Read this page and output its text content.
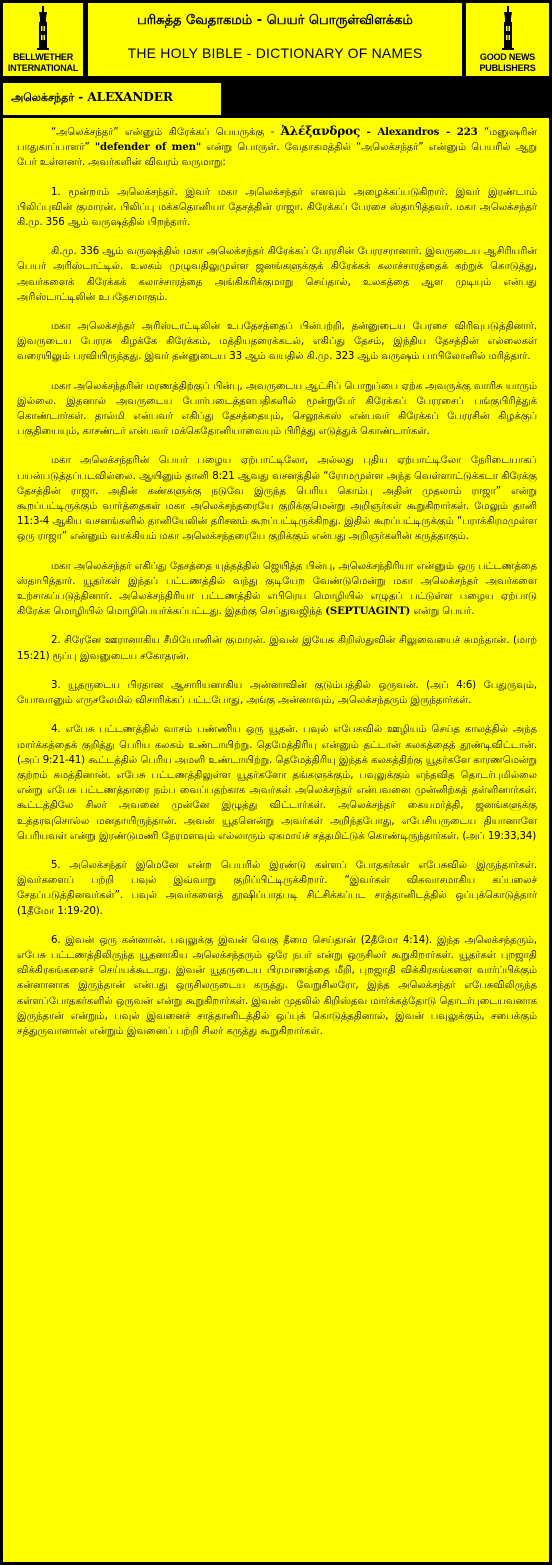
BELLWETHER INTERNATIONAL
பரிசுத்த வேதாகமம் - பெயர் பொருள்விளக்கம்
THE HOLY BIBLE - DICTIONARY OF NAMES	GOOD NEWS PUBLISHERS
அலெக்சந்தர் - ALEXANDER

“அலெக்சந்தர்” என்னும் கிரேக்கப் பெயருக்கு - Ἀλέξανδρος - Alexandros - 223 “மனுஷரின் பாதுகாப்பாளர்” "defender of men" என்று பொருள். வேதாகமத்தில் “அலெக்சந்தர்” என்னும் பெயரில் ஆறு பேர் உள்ளனர். அவர்களின் விவரம் வருமாறு:

1. மூன்றாம் அலெக்சந்தர். இவர் மகா அலெக்சந்தர் எனவும் அழைக்கப்படுகிறார். இவர் இரண்டாம் பிலிப்புவின் குமாரன். பிலிப்பு மக்கதொனியா தேசத்தின் ராஜா. கிரேக்கப் பேரசை ஸ்தாபித்தவர். மகா அலெக்சந்தர் கி.மு. 356 ஆம் வருஷத்தில் பிறந்தார்.

கி.மு. 336 ஆம் வருஷத்தில் மகா அலெக்சந்தர் கிரேக்கப் பேரரசின் பேரரசரானார். இவருடைய ஆசிரியரின் பெயர் அரிஸ்டாட்டில். உலகம் முழுவதிலுமுள்ள ஜனங்களுக்குக் கிரேக்கக் கலாச்சாரத்தைக் கற்றுக் கொடுத்து, அவர்களைக் கிரேக்கக் கலாச்சாரத்தை அங்கிகரிக்குமாறு செய்தால், உலகத்தை ஆள முடியும் என்பது அரிஸ்டாட்டிலின் உபதேசமாகும்.

மகா அலெக்சந்தர் அரிஸ்டாட்டிலின் உபதேசத்தைப் பின்பற்றி, தன்னுடைய பேரசை விரிவுபடுத்தினார். இவருடைய பேரரசு கிழக்கே கிரேக்கம், மத்தியதரைக்கடல், எகிப்து தேசம், இந்திய தேசத்தின் எல்லைகள் வரையிலும் பரவியிருந்தது. இவர் தன்னுடைய 33 ஆம் வயதில் கி.மு. 323 ஆம் வருஷம் பாபிலோனில் மரித்தார்.

மகா அலெக்சந்தரின் மரணத்திற்குப் பின்பு, அவருடைய ஆட்சிப் பொறுப்பை ஏற்க அவருக்கு வாரிசு யாரும் இல்லை. இதனால் அவருடைய போர்படைத்தளபதிகளில் மூன்றுபேர் கிரேக்கப் பேரரசைப் பங்குபிரித்துக் கொண்டார்கள். தால்மி என்பவர் எகிப்து தேசத்தையும், செலூக்கஸ் என்பவர் கிரேக்கப் பேரரசின் கிழக்குப் பகுதியையும், காசண்டர் என்பவர் மக்கெதோனியாவையும் பிரித்து எடுத்துக் கொண்டார்கள்.

மகா அலெக்சந்தரின் பெயர் பழைய ஏற்பாட்டிலோ, அல்லது புதிய ஏற்பாட்டிலோ நேரிடையாகப் பயன்படுத்தப்படவில்லை. ஆயினும் தானி 8:21 ஆவது வசனத்தில் “ரோமமுள்ள அந்த வெள்ளாட்டுக்கடா கிரேக்கு தேசத்தின் ராஜா. அதின் கண்களுக்கு நடுவே இருந்த பெரிய கொம்பு அதின் முதலாம் ராஜா” என்று கூறப்பட்டிருக்கும் வார்த்தைகள் மகா அலெக்சந்தரையே குறிக்குமென்று அறிஞர்கள் கூறுகிறார்கள். மேலும் தானி 11:3-4 ஆகிய வசனங்களில் தானியேலின் தரிசனம் கூறப்பட்டிருக்கிறது. இதில் கூறப்பட்டிருக்கும் “பராக்கிரமமுள்ள ஒரு ராஜா” என்னும் வாக்கியம் மகா அலெக்சந்தரையே குறிக்கும் என்பது அறிஞர்களின் கருத்தாகும்.

மகா அலெக்சந்தர் எகிப்து தேசத்தை யுத்தத்தில் ஜெயித்த பின்பு, அலெக்சந்திரியா என்னும் ஒரு பட்டணத்தை ஸ்தாபித்தார். யூதர்கள் இந்தப் பட்டணத்தில் வந்து குடியேற வேண்டுமென்று மகா அலெக்சந்தர் அவர்களை உற்சாகப்படுத்தினார். அலெக்சந்திரியா பட்டணத்தில் எபிரெய மொழியில் எழுதப் பட்டுள்ள பழைய ஏற்பாடு கிரேக்க மொழியில் மொழிபெயர்க்கப்பட்டது. இதற்கு செப்துவஜிந்த் (SEPTUAGINT) என்று பெயர்.

2. சிரேனே ஊரானாகிய சீமியோனின் குமாரன். இவன் இயேசு கிறிஸ்துவின் சிலுவையைச் சுமந்தான். (மாற் 15:21) ரூப்பு இவனுடைய சகோதரன்.

3. யூதருடைய பிரதான ஆசாரியனாகிய அன்னாவின் குடும்பத்தில் ஒருவன். (அப் 4:6) பேதுருவும், யோவானும் எருசலேமில் விசாரிக்கப் பட்டபோது, அங்கு அன்னாவும், அலெக்சந்தரும் இருந்தார்கள்.

4. எபேசு பட்டணத்தில் வாசம் பண்ணிய ஒரு யூதன். பவுல் எபேசுவில் ஊழியம் செய்த காலத்தில் அந்த மார்க்கத்தைக் குறித்து பெரிய கலகம் உண்டாயிற்று. தெமேத்திரியு என்னும் தட்டான் கலகத்தைத் தூண்டிவிட்டான். (அப் 9:21-41) கூட்டத்தில் பெரிய அமளி உண்டாயிற்று. தெமேத்திரியு இந்தக் கலகத்திற்கு யூதர்களே காரணமென்று குற்றம் சுமத்தினான். எபேசு பட்டணத்திலுள்ள யூதர்களோ தங்களுக்கும், பவுலுக்கும் எந்தவித தொடர்புமில்லை என்று எபேசு பட்டணத்தாரை நம்ப வைப்பதற்காக அவர்கள் அலெக்சந்தர் என்பவனை முன்னிற்கத் தள்ளினார்கள். கூட்டத்திலே சிலர் அவனை முன்னே இழுத்து விட்டார்கள். அலெக்சந்தர் கையமர்த்தி, ஜனங்களுக்கு உத்தரவுசொல்ல மனதாயிருந்தான். அவன் யூதனென்று அவர்கள் அறிந்தபோது, எபேசியருடைய தியானாளே பெரியவள் என்று இரண்டுமணி நேரமளவும் எல்லாரும் ஏகமாய்ச் சத்தமிட்டுக் கொண்டிருந்தார்கள். (அப் 19:33,34)

5. அலெக்சந்தர் இமெனே என்ற பெயரில் இரண்டு கள்ளப் போதகர்கள் எபேசுவில் இருந்தார்கள். இவர்களைப் பற்றி பவுல் இவ்வாறு குறிப்பிட்டிருக்கிறார். “இவர்கள் விசுவாசமாகிய கப்பலைச் சேதப்படுத்தினவர்கள்”. பவுல் அவர்களைத் தூஷிப்பாதபடி சிட்சிக்கப்பட சாத்தானிடத்தில் ஒப்புக்கொடுத்தார் (1தீமோ 1:19-20).

6. இவன் ஒரு கன்னான். பவுலுக்கு இவன் வெகு தீமை செய்தான் (2தீமோ 4:14). இந்த அலெக்சந்தரும், எபேசு பட்டணத்திலிருந்த யூதனாகிய அலெக்சந்தரும் ஒரே நபர் என்று ஒருசிலர் கூறுகிறார்கள். யூதர்கள் புறஜாதி விக்கிரகங்களைச் செய்யக்கூடாது. இவன் யூதருடைய பிரமாணத்தை மீறி, புறஜாதி விக்கிரகங்களை வார்ப்பிக்கும் கன்னானாக இருந்தான் என்பது ஒருசிலருடைய கருத்து. வேறுசிலரோ, இந்த அலெக்சந்தர் எபேசுவிலிருந்த கள்ளப்போதகர்களில் ஒருவன் என்று கூறுகிறார்கள். இவன் முதலில் கிறிஸ்தவ மார்க்கத்தோடு தொடர்புடையவனாக இருந்தான் என்றும், பவுல் இவனைச் சாத்தானிடத்தில் ஒப்புக் கொடுத்ததினால், இவன் பவுலுக்கும், சபைக்கும் சத்துருவானான் என்றும் இவனைப் பற்றி சிலர் கருத்து கூறுகிறார்கள்.
